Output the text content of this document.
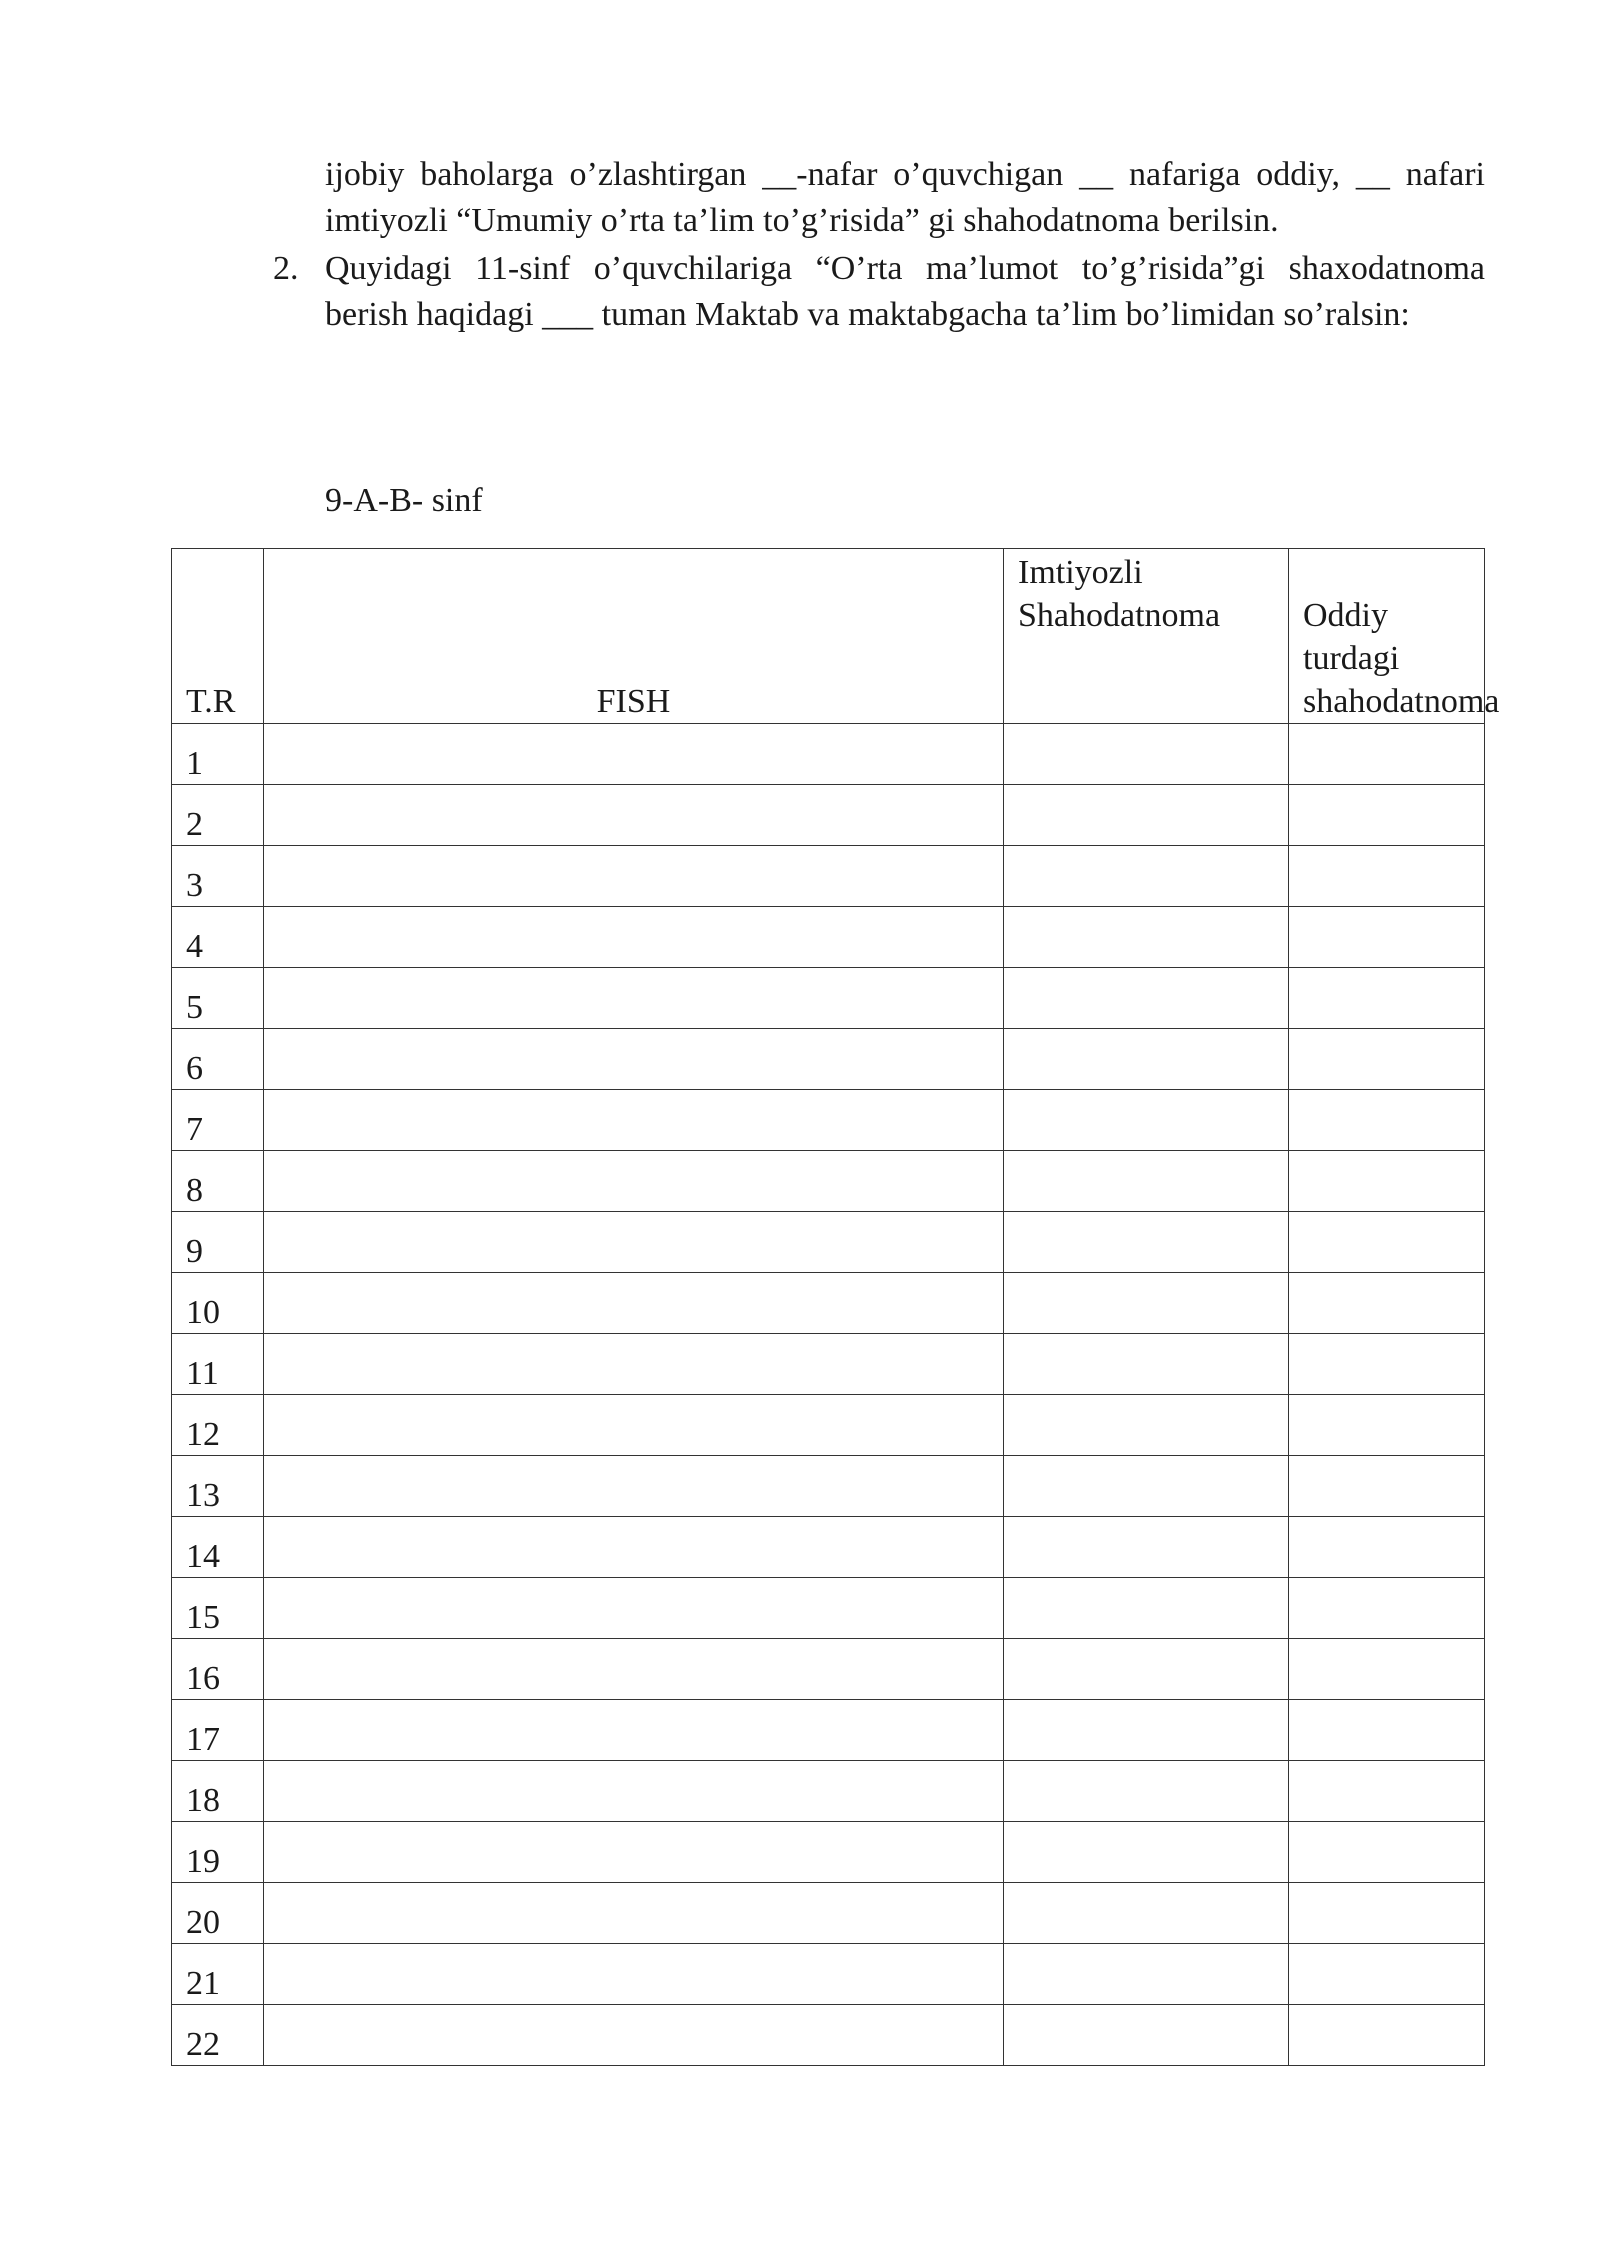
ijobiy baholarga o’zlashtirgan __-nafar o’quvchigan __ nafariga oddiy, __ nafari imtiyozli “Umumiy o’rta ta’lim to’g’risida” gi shahodatnoma berilsin.
2. Quyidagi 11-sinf o’quvchilariga “O’rta ma’lumot to’g’risida”gi shaxodatnoma berish haqidagi ___ tuman Maktab va maktabgacha ta’lim bo’limidan so’ralsin:
9-A-B- sinf
T.R	FISH	Imtiyozli Shahodatnoma	Oddiy turdagi shahodatnoma

1			
2			
3			
4			
5			
6			
7			
8			
9			
10			
11			
12			
13			
14			
15			
16			
17			
18			
19			
20			
21			
22			
